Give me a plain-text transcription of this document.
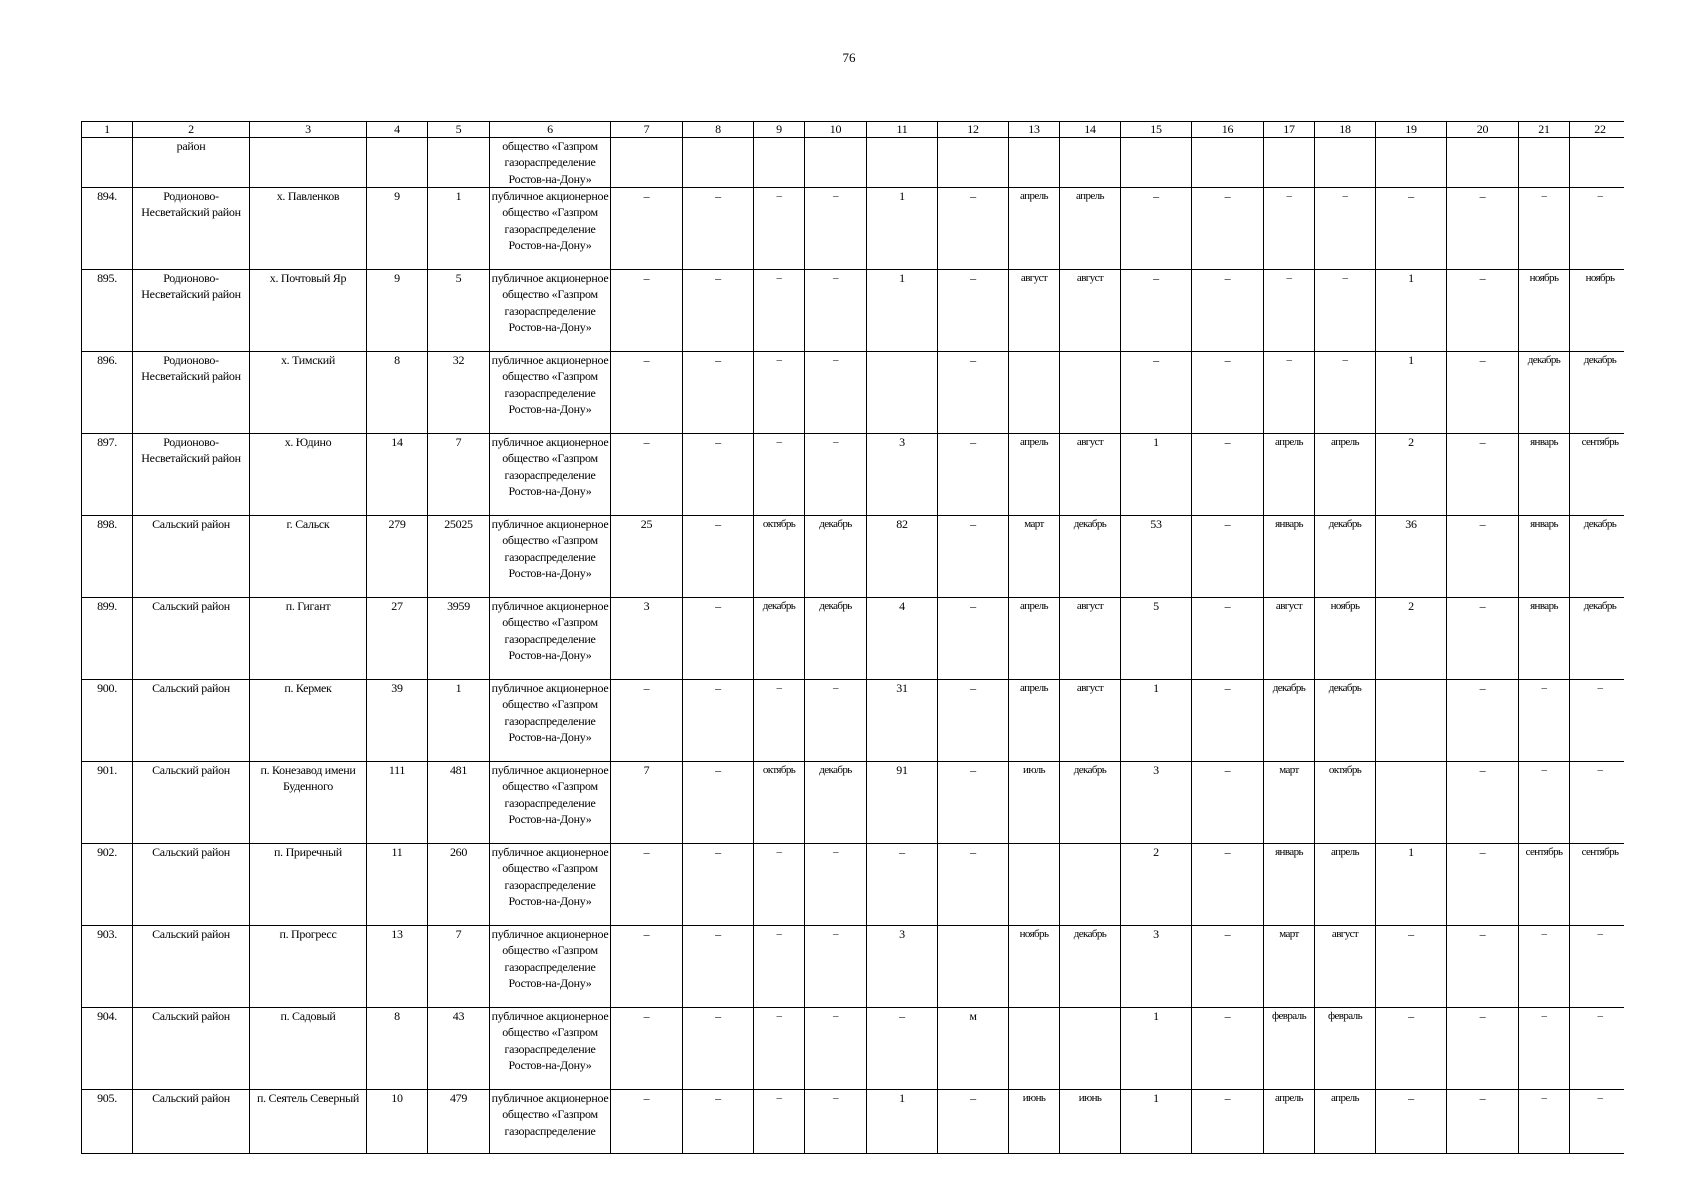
76
1	2	3	4	5	6	7	8	9	10	11	12	13	14	15	16	17	18	19	20	21	22
	район				общество «Газпром газораспределение Ростов-на-Дону»																
894.	Родионово-Несветайский район	х. Павленков	9	1	публичное акционерное общество «Газпром газораспределение Ростов-на-Дону»	–	–	–	–	1	–	апрель	апрель	–	–	–	–	–	–	–	–
895.	Родионово-Несветайский район	х. Почтовый Яр	9	5	публичное акционерное общество «Газпром газораспределение Ростов-на-Дону»	–	–	–	–	1	–	август	август	–	–	–	–	1	–	ноябрь	ноябрь
896.	Родионово-Несветайский район	х. Тимский	8	32	публичное акционерное общество «Газпром газораспределение Ростов-на-Дону»	–	–	–	–		–			–	–	–	–	1	–	декабрь	декабрь
897.	Родионово-Несветайский район	х. Юдино	14	7	публичное акционерное общество «Газпром газораспределение Ростов-на-Дону»	–	–	–	–	3	–	апрель	август	1	–	апрель	апрель	2	–	январь	сентябрь
898.	Сальский район	г. Сальск	279	25025	публичное акционерное общество «Газпром газораспределение Ростов-на-Дону»	25	–	октябрь	декабрь	82	–	март	декабрь	53	–	январь	декабрь	36	–	январь	декабрь
899.	Сальский район	п. Гигант	27	3959	публичное акционерное общество «Газпром газораспределение Ростов-на-Дону»	3	–	декабрь	декабрь	4	–	апрель	август	5	–	август	ноябрь	2	–	январь	декабрь
900.	Сальский район	п. Кермек	39	1	публичное акционерное общество «Газпром газораспределение Ростов-на-Дону»	–	–	–	–	31	–	апрель	август	1	–	декабрь	декабрь		–	–	–
901.	Сальский район	п. Конезавод имени Буденного	111	481	публичное акционерное общество «Газпром газораспределение Ростов-на-Дону»	7	–	октябрь	декабрь	91	–	июль	декабрь	3	–	март	октябрь		–	–	–
902.	Сальский район	п. Приречный	11	260	публичное акционерное общество «Газпром газораспределение Ростов-на-Дону»	–	–	–	–	–	–			2	–	январь	апрель	1	–	сентябрь	сентябрь
903.	Сальский район	п. Прогресс	13	7	публичное акционерное общество «Газпром газораспределение Ростов-на-Дону»	–	–	–	–	3		ноябрь	декабрь	3	–	март	август	–	–	–	–
904.	Сальский район	п. Садовый	8	43	публичное акционерное общество «Газпром газораспределение Ростов-на-Дону»	–	–	–	–	–	м			1	–	февраль	февраль	–	–	–	–
905.	Сальский район	п. Сеятель Северный	10	479	публичное акционерное общество «Газпром газораспределение	–	–	–	–	1	–	июнь	июнь	1	–	апрель	апрель	–	–	–	–
